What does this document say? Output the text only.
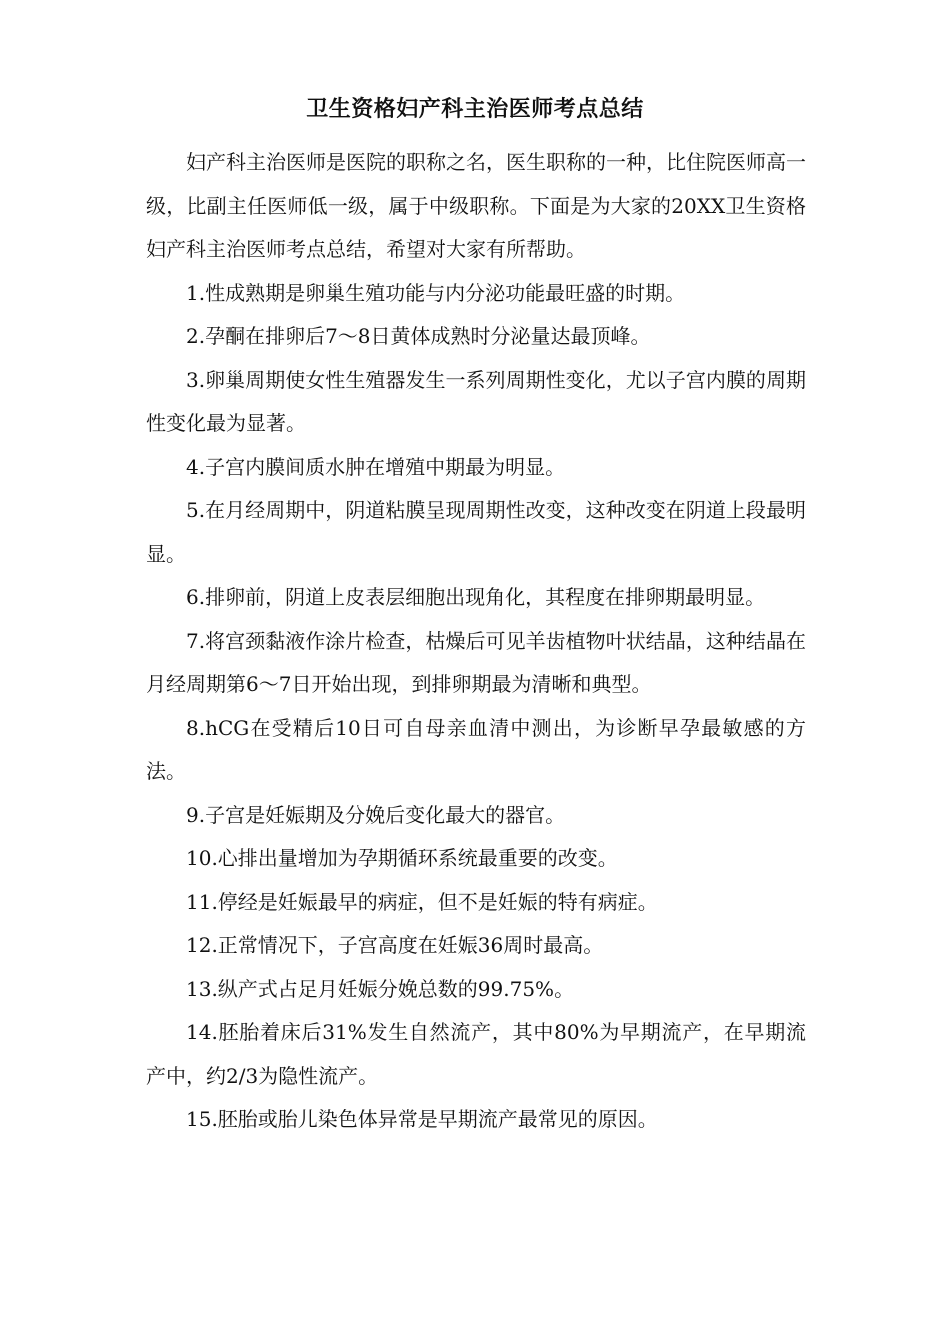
卫生资格妇产科主治医师考点总结

妇产科主治医师是医院的职称之名，医生职称的一种，比住院医师高一级，比副主任医师低一级，属于中级职称。下面是为大家的20XX卫生资格妇产科主治医师考点总结，希望对大家有所帮助。

1.性成熟期是卵巢生殖功能与内分泌功能最旺盛的时期。

2.孕酮在排卵后7～8日黄体成熟时分泌量达最顶峰。

3.卵巢周期使女性生殖器发生一系列周期性变化，尤以子宫内膜的周期性变化最为显著。

4.子宫内膜间质水肿在增殖中期最为明显。

5.在月经周期中，阴道粘膜呈现周期性改变，这种改变在阴道上段最明显。

6.排卵前，阴道上皮表层细胞出现角化，其程度在排卵期最明显。

7.将宫颈黏液作涂片检查，枯燥后可见羊齿植物叶状结晶，这种结晶在月经周期第6～7日开始出现，到排卵期最为清晰和典型。

8.hCG在受精后10日可自母亲血清中测出，为诊断早孕最敏感的方法。

9.子宫是妊娠期及分娩后变化最大的器官。

10.心排出量增加为孕期循环系统最重要的改变。

11.停经是妊娠最早的病症，但不是妊娠的特有病症。

12.正常情况下，子宫高度在妊娠36周时最高。

13.纵产式占足月妊娠分娩总数的99.75%。

14.胚胎着床后31%发生自然流产，其中80%为早期流产，在早期流产中，约2/3为隐性流产。

15.胚胎或胎儿染色体异常是早期流产最常见的原因。
